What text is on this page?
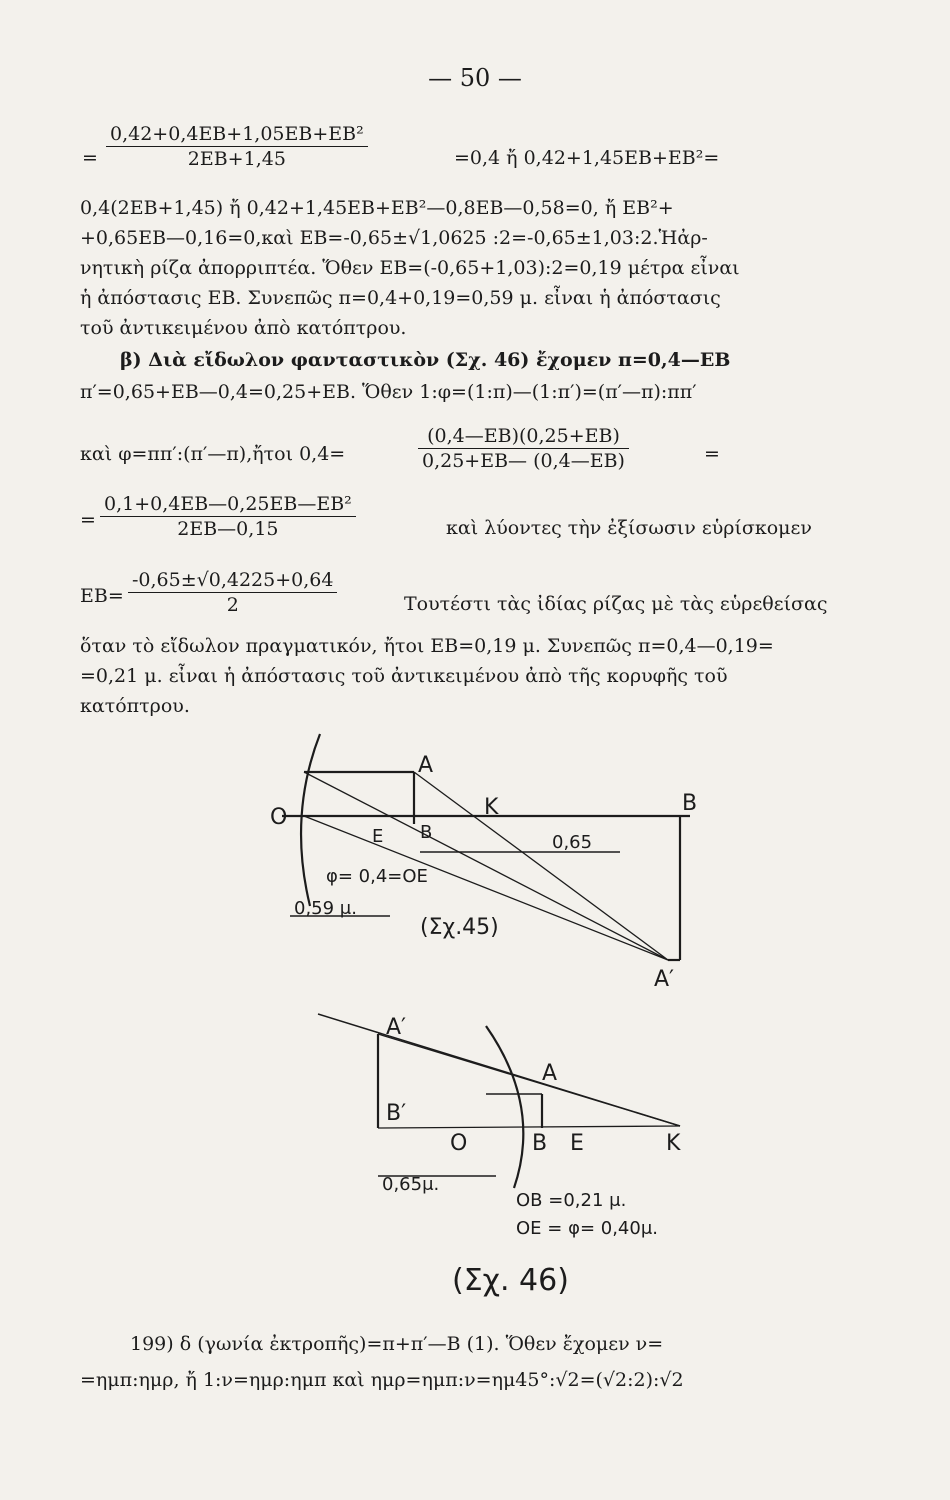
— 50 —
= $\frac{\text{0,42+0,4ΕΒ+1,05ΕΒ+ΕΒ²}}{2EB+1,45}$	=0,4 ἤ 0,42+1,45ΕΒ+ΕΒ²=
0,4(2ΕΒ+1,45) ἤ 0,42+1,45ΕΒ+ΕΒ²—0,8ΕΒ—0,58=0, ἤ ΕΒ²+
+0,65ΕΒ—0,16=0,καὶ ΕΒ=-0,65±√1,0625 :2=-0,65±1,03:2.Ἡἀρ-
νητικὴ ρίζα ἀπορριπτέα. Ὅθεν ΕΒ=(-0,65+1,03):2=0,19 μέτρα εἶναι
ἡ ἀπόστασις ΕΒ. Συνεπῶς π=0,4+0,19=0,59 μ. εἶναι ἡ ἀπόστασις
τοῦ ἀντικειμένου ἀπὸ κατόπτρου.
β) Διὰ εἴδωλον φανταστικὸν (Σχ. 46) ἔχομεν π=0,4—ΕΒ
π′=0,65+ΕΒ—0,4=0,25+ΕΒ. Ὅθεν 1:φ=(1:π)—(1:π′)=(π′—π):ππ′
καὶ φ=ππ′:(π′—π),ἤτοι 0,4=	$\frac{(0,4—EB)(0,25+EB)}{0,25+EB— (0,4—EB)}$	=
= $\frac{\text{0,1+0,4ΕΒ—0,25ΕΒ—ΕΒ²}}{2EB—0,15}$	καὶ λύοντες τὴν ἐξίσωσιν εὑρίσκομεν
$EB= \frac{-0,65\pm√0,4225+0,64}{2}$	Τουτέστι τὰς ἰδίας ρίζας μὲ τὰς εὑρεθείσας
ὅταν τὸ εἴδωλον πραγματικόν, ἤτοι ΕΒ=0,19 μ. Συνεπῶς π=0,4—0,19=
=0,21 μ. εἶναι ἡ ἀπόστασις τοῦ ἀντικειμένου ἀπὸ τῆς κορυφῆς τοῦ
κατόπτρου.
O
A
K	B
E B	0,65
φ= 0,4=OE
0,59 μ.
(Σχ.45)
A′
A′
A
B′
O	B E	K
0,65μ.
OB =0,21 μ.
OE = φ= 0,40μ.
(Σχ. 46)
199) δ (γωνία ἐκτροπῆς)=π+π′—Β (1). Ὅθεν ἔχομεν ν=
=ημπ:ημρ, ἤ 1:ν=ημρ:ημπ καὶ ημρ=ημπ:ν=ημ45°:√2=(√2:2):√2
